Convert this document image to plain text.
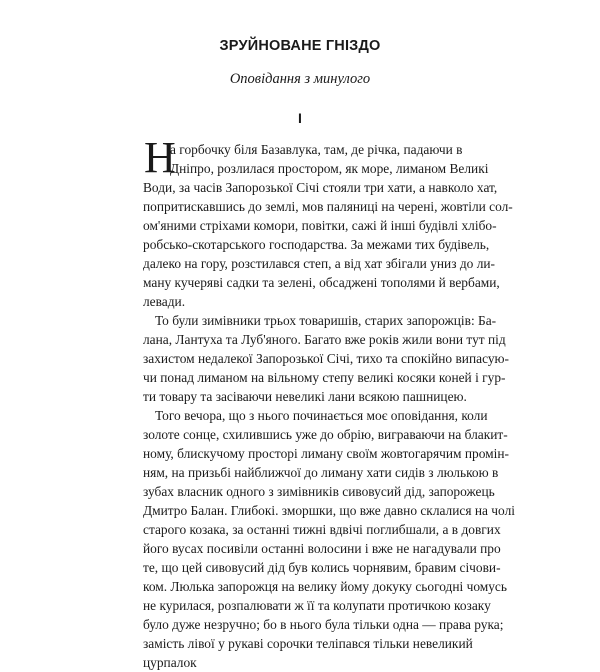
ЗРУЙНОВАНЕ ГНІЗДО
Оповідання з минулого
І
Н
а горбочку біля Базавлука, там, де річка, падаючи в
Дніпро, розлилася простором, як море, лиманом Великі
Води, за часів Запорозької Січі стояли три хати, а навколо хат,
попритискавшись до землі, мов паляниці на черені, жовтіли сол-
ом'яними стріхами комори, повітки, сажі й інші будівлі хлібо-
робсько-скотарського господарства. За межами тих будівель,
далеко на гору, розстилався степ, а від хат збігали униз до ли-
ману кучеряві садки та зелені, обсаджені тополями й вербами,
левади.
То були зимівники трьох товаришів, старих запорожців: Ба-
лана, Лантуха та Луб'яного. Багато вже років жили вони тут під
захистом недалекої Запорозької Січі, тихо та спокійно випасую-
чи понад лиманом на вільному степу великі косяки коней і гур-
ти товару та засіваючи невеликі лани всякою пашницею.
Того вечора, що з нього починається моє оповідання, коли
золоте сонце, схилившись уже до обрію, виграваючи на блакит-
ному, блискучому просторі лиману своїм жовтогарячим промін-
ням, на призьбі найближчої до лиману хати сидів з люлькою в
зубах власник одного з зимівників сивовусий дід, запорожець
Дмитро Балан. Глибокі. зморшки, що вже давно склалися на чолі
старого козака, за останні тижні вдвічі поглибшали, а в довгих
його вусах посивіли останні волосини і вже не нагадували про
те, що цей сивовусий дід був колись чорнявим, бравим січови-
ком. Люлька запорожця на велику йому докуку сьогодні чомусь
не курилася, розпалювати ж її та колупати протичкою козаку
було дуже незручно; бо в нього була тільки одна — права рука;
замість лівої у рукаві сорочки теліпався тільки невеликий
цурпалок
